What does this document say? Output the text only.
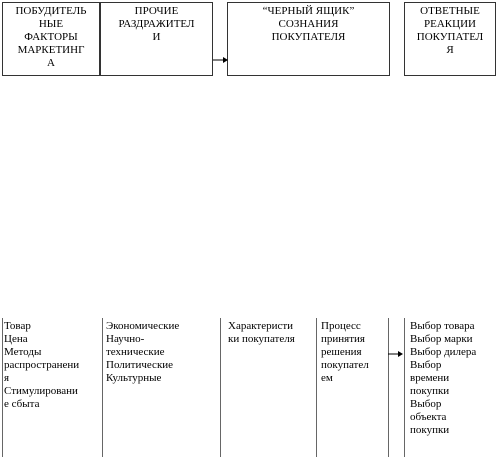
ПОБУДИТЕЛЬ
НЫЕ
ФАКТОРЫ
МАРКЕТИНГ
А
ПРОЧИЕ
РАЗДРАЖИТЕЛ
И
“ЧЕРНЫЙ ЯЩИК”
СОЗНАНИЯ
ПОКУПАТЕЛЯ
ОТВЕТНЫЕ
РЕАКЦИИ
ПОКУПАТЕЛ
Я
Товар
Цена
Методы
распространени
я
Стимулировани
е сбыта
Экономические
Научно-
технические
Политические
Культурные
Характеристи
ки покупателя
Процесс
принятия
решения
покупател
ем
Выбор товара
Выбор марки
Выбор дилера
Выбор
времени
покупки
Выбор
объекта
покупки
